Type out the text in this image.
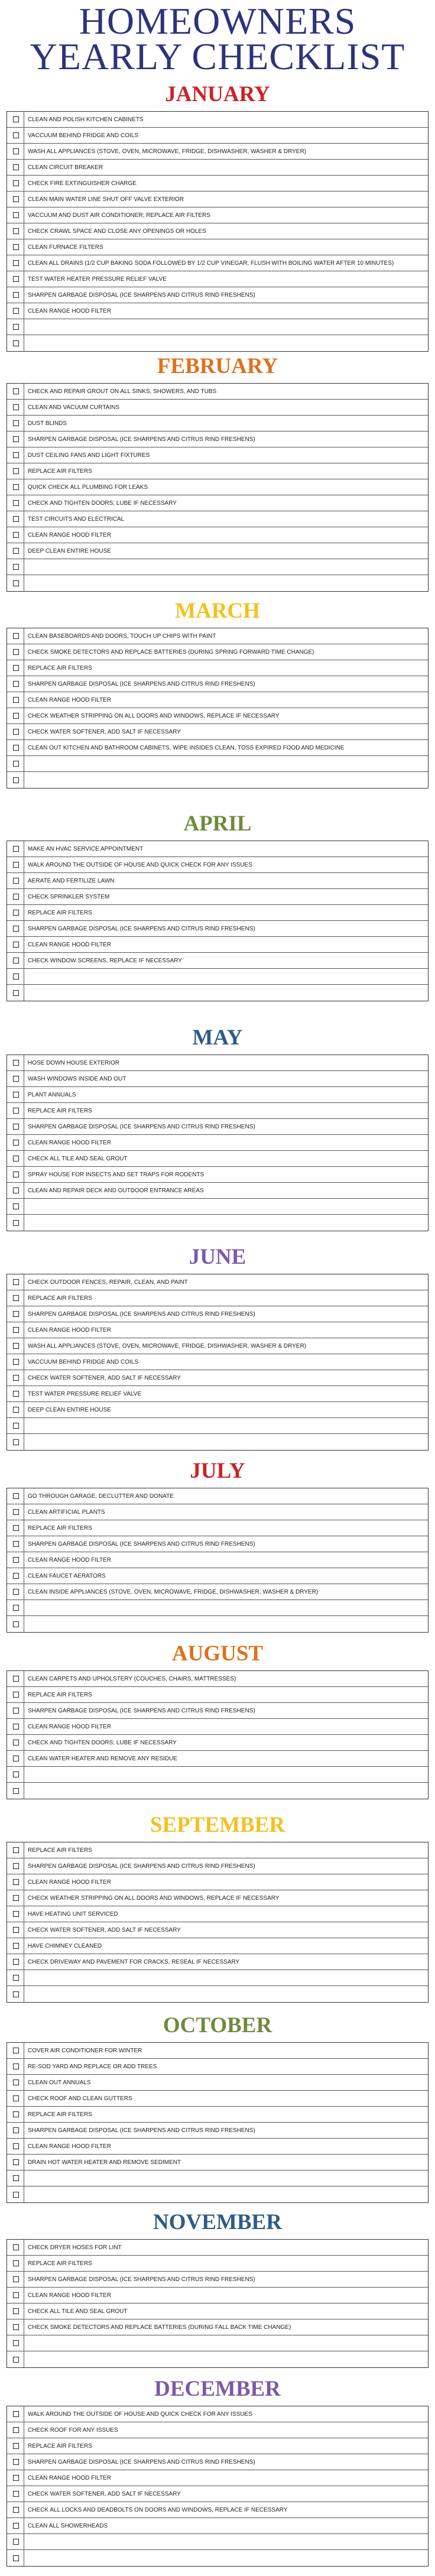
HOMEOWNERS YEARLY CHECKLIST
JANUARY
CLEAN AND POLISH KITCHEN CABINETS
VACCUUM BEHIND FRIDGE AND COILS
WASH ALL APPLIANCES (STOVE, OVEN, MICROWAVE, FRIDGE, DISHWASHER, WASHER & DRYER)
CLEAN CIRCUIT BREAKER
CHECK FIRE EXTINGUISHER CHARGE
CLEAN MAIN WATER LINE SHUT OFF VALVE EXTERIOR
VACCUUM AND DUST AIR CONDITIONER; REPLACE AIR FILTERS
CHECK CRAWL SPACE AND CLOSE ANY OPENINGS OR HOLES
CLEAN FURNACE FILTERS
CLEAN ALL DRAINS (1/2 CUP BAKING SODA FOLLOWED BY 1/2 CUP VINEGAR; FLUSH WITH BOILING WATER AFTER 10 MINUTES)
TEST WATER HEATER PRESSURE RELIEF VALVE
SHARPEN GARBAGE DISPOSAL (ICE SHARPENS AND CITRUS RIND FRESHENS)
CLEAN RANGE HOOD FILTER
FEBRUARY
CHECK AND REPAIR GROUT ON ALL SINKS, SHOWERS, AND TUBS
CLEAN AND VACUUM CURTAINS
DUST BLINDS
SHARPEN GARBAGE DISPOSAL (ICE SHARPENS AND CITRUS RIND FRESHENS)
DUST CEILING FANS AND LIGHT FIXTURES
REPLACE AIR FILTERS
QUICK CHECK ALL PLUMBING FOR LEAKS
CHECK AND TIGHTEN DOORS; LUBE IF NECESSARY
TEST CIRCUITS AND ELECTRICAL
CLEAN RANGE HOOD FILTER
DEEP CLEAN ENTIRE HOUSE
MARCH
CLEAN BASEBOARDS AND DOORS, TOUCH UP CHIPS WITH PAINT
CHECK SMOKE DETECTORS AND REPLACE BATTERIES (DURING SPRING FORWARD TIME CHANGE)
REPLACE AIR FILTERS
SHARPEN GARBAGE DISPOSAL (ICE SHARPENS AND CITRUS RIND FRESHENS)
CLEAN RANGE HOOD FILTER
CHECK WEATHER STRIPPING ON ALL DOORS AND WINDOWS, REPLACE IF NECESSARY
CHECK WATER SOFTENER, ADD SALT IF NECESSARY
CLEAN OUT KITCHEN AND BATHROOM CABINETS, WIPE INSIDES CLEAN, TOSS EXPIRED FOOD AND MEDICINE
APRIL
MAKE AN HVAC SERVICE APPOINTMENT
WALK AROUND THE OUTSIDE OF HOUSE AND QUICK CHECK FOR ANY ISSUES
AERATE AND FERTILIZE LAWN
CHECK SPRINKLER SYSTEM
REPLACE AIR FILTERS
SHARPEN GARBAGE DISPOSAL (ICE SHARPENS AND CITRUS RIND FRESHENS)
CLEAN RANGE HOOD FILTER
CHECK WINDOW SCREENS, REPLACE IF NECESSARY
MAY
HOSE DOWN HOUSE EXTERIOR
WASH WINDOWS INSIDE AND OUT
PLANT ANNUALS
REPLACE AIR FILTERS
SHARPEN GARBAGE DISPOSAL (ICE SHARPENS AND CITRUS RIND FRESHENS)
CLEAN RANGE HOOD FILTER
CHECK ALL TILE AND SEAL GROUT
SPRAY HOUSE FOR INSECTS AND SET TRAPS FOR RODENTS
CLEAN AND REPAIR DECK AND OUTDOOR ENTRANCE AREAS
JUNE
CHECK OUTDOOR FENCES, REPAIR, CLEAN, AND PAINT
REPLACE AIR FILTERS
SHARPEN GARBAGE DISPOSAL (ICE SHARPENS AND CITRUS RIND FRESHENS)
CLEAN RANGE HOOD FILTER
WASH ALL APPLIANCES (STOVE, OVEN, MICROWAVE, FRIDGE, DISHWASHER, WASHER & DRYER)
VACCUUM BEHIND FRIDGE AND COILS
CHECK WATER SOFTENER, ADD SALT IF NECESSARY
TEST WATER PRESSURE RELIEF VALVE
DEEP CLEAN ENTIRE HOUSE
JULY
GO THROUGH GARAGE, DECLUTTER AND DONATE
CLEAN ARTIFICIAL PLANTS
REPLACE AIR FILTERS
SHARPEN GARBAGE DISPOSAL (ICE SHARPENS AND CITRUS RIND FRESHENS)
CLEAN RANGE HOOD FILTER
CLEAN FAUCET AERATORS
CLEAN INSIDE APPLIANCES (STOVE, OVEN, MICROWAVE, FRIDGE, DISHWASHER, WASHER & DRYER)
AUGUST
CLEAN CARPETS AND UPHOLSTERY (COUCHES, CHAIRS, MATTRESSES)
REPLACE AIR FILTERS
SHARPEN GARBAGE DISPOSAL (ICE SHARPENS AND CITRUS RIND FRESHENS)
CLEAN RANGE HOOD FILTER
CHECK AND TIGHTEN DOORS; LUBE IF NECESSARY
CLEAN WATER HEATER AND REMOVE ANY RESIDUE
SEPTEMBER
REPLACE AIR FILTERS
SHARPEN GARBAGE DISPOSAL (ICE SHARPENS AND CITRUS RIND FRESHENS)
CLEAN RANGE HOOD FILTER
CHECK WEATHER STRIPPING ON ALL DOORS AND WINDOWS, REPLACE IF NECESSARY
HAVE HEATING UNIT SERVICED
CHECK WATER SOFTENER, ADD SALT IF NECESSARY
HAVE CHIMNEY CLEANED
CHECK DRIVEWAY AND PAVEMENT FOR CRACKS, RESEAL IF NECESSARY
OCTOBER
COVER AIR CONDITIONER FOR WINTER
RE-SOD YARD AND REPLACE OR ADD TREES
CLEAN OUT ANNUALS
CHECK ROOF AND CLEAN GUTTERS
REPLACE AIR FILTERS
SHARPEN GARBAGE DISPOSAL (ICE SHARPENS AND CITRUS RIND FRESHENS)
CLEAN RANGE HOOD FILTER
DRAIN HOT WATER HEATER AND REMOVE SEDIMENT
NOVEMBER
CHECK DRYER HOSES FOR LINT
REPLACE AIR FILTERS
SHARPEN GARBAGE DISPOSAL (ICE SHARPENS AND CITRUS RIND FRESHENS)
CLEAN RANGE HOOD FILTER
CHECK ALL TILE AND SEAL GROUT
CHECK SMOKE DETECTORS AND REPLACE BATTERIES (DURING FALL BACK TIME CHANGE)
DECEMBER
WALK AROUND THE OUTSIDE OF HOUSE AND QUICK CHECK FOR ANY ISSUES
CHECK ROOF FOR ANY ISSUES
REPLACE AIR FILTERS
SHARPEN GARBAGE DISPOSAL (ICE SHARPENS AND CITRUS RIND FRESHENS)
CLEAN RANGE HOOD FILTER
CHECK WATER SOFTENER, ADD SALT IF NECESSARY
CHECK ALL LOCKS AND DEADBOLTS ON DOORS AND WINDOWS, REPLACE IF NECESSARY
CLEAN ALL SHOWERHEADS
